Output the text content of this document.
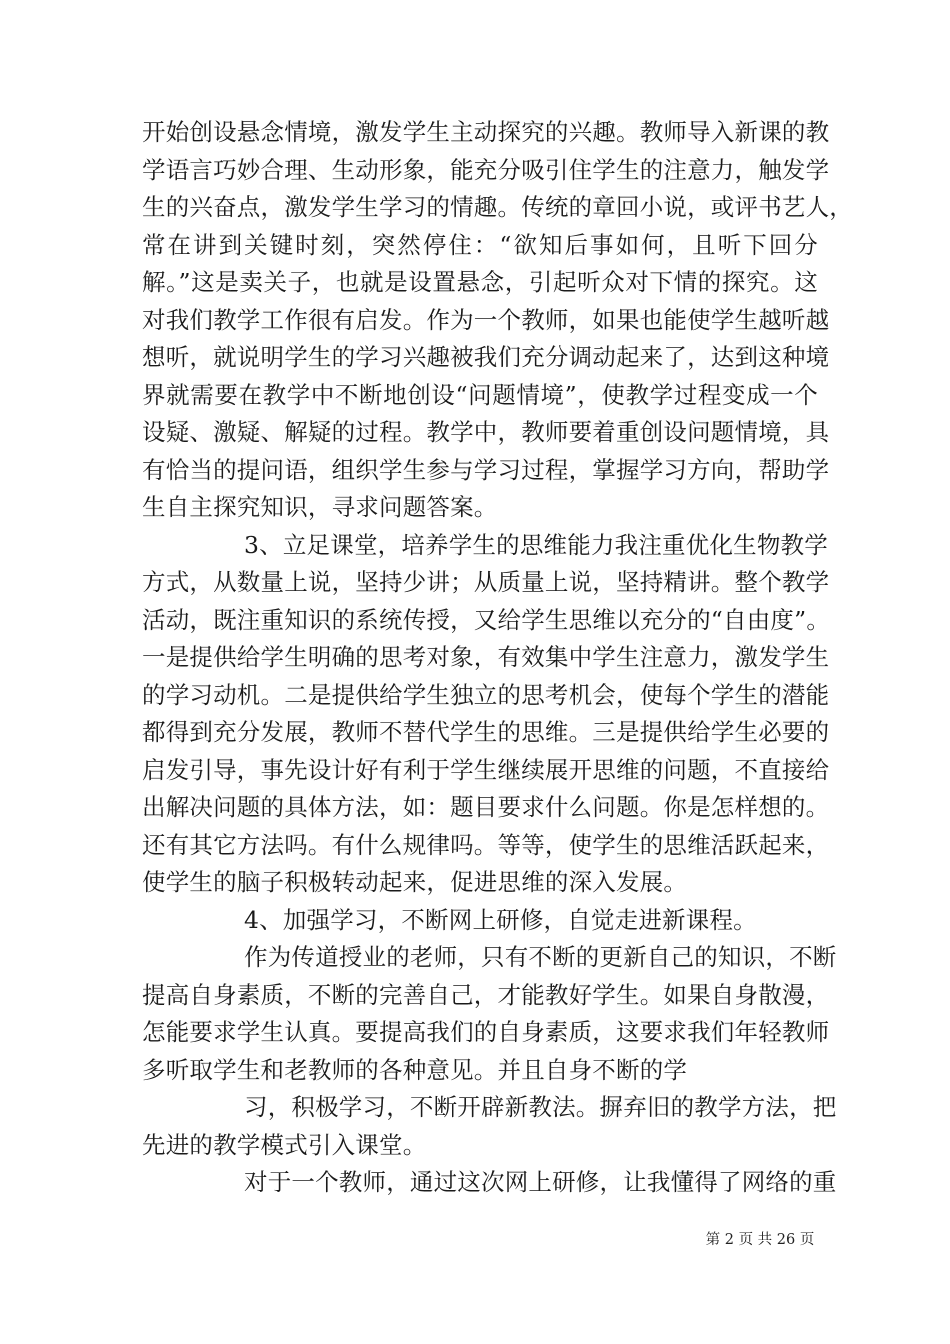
开始创设悬念情境，激发学生主动探究的兴趣。教师导入新课的教
学语言巧妙合理、生动形象，能充分吸引住学生的注意力，触发学
生的兴奋点，激发学生学习的情趣。传统的章回小说，或评书艺人，
常在讲到关键时刻，突然停住：“欲知后事如何，且听下回分
解。”这是卖关子，也就是设置悬念，引起听众对下情的探究。这
对我们教学工作很有启发。作为一个教师，如果也能使学生越听越
想听，就说明学生的学习兴趣被我们充分调动起来了，达到这种境
界就需要在教学中不断地创设“问题情境”，使教学过程变成一个
设疑、激疑、解疑的过程。教学中，教师要着重创设问题情境，具
有恰当的提问语，组织学生参与学习过程，掌握学习方向，帮助学
生自主探究知识，寻求问题答案。
3、立足课堂，培养学生的思维能力我注重优化生物教学
方式，从数量上说，坚持少讲；从质量上说，坚持精讲。整个教学
活动，既注重知识的系统传授，又给学生思维以充分的“自由度”。
一是提供给学生明确的思考对象，有效集中学生注意力，激发学生
的学习动机。二是提供给学生独立的思考机会，使每个学生的潜能
都得到充分发展，教师不替代学生的思维。三是提供给学生必要的
启发引导，事先设计好有利于学生继续展开思维的问题，不直接给
出解决问题的具体方法，如：题目要求什么问题。你是怎样想的。
还有其它方法吗。有什么规律吗。等等，使学生的思维活跃起来，
使学生的脑子积极转动起来，促进思维的深入发展。
4、加强学习，不断网上研修，自觉走进新课程。
作为传道授业的老师，只有不断的更新自己的知识，不断
提高自身素质，不断的完善自己，才能教好学生。如果自身散漫，
怎能要求学生认真。要提高我们的自身素质，这要求我们年轻教师
多听取学生和老教师的各种意见。并且自身不断的学
习，积极学习，不断开辟新教法。摒弃旧的教学方法，把
先进的教学模式引入课堂。
对于一个教师，通过这次网上研修，让我懂得了网络的重
第 2 页 共 26 页
